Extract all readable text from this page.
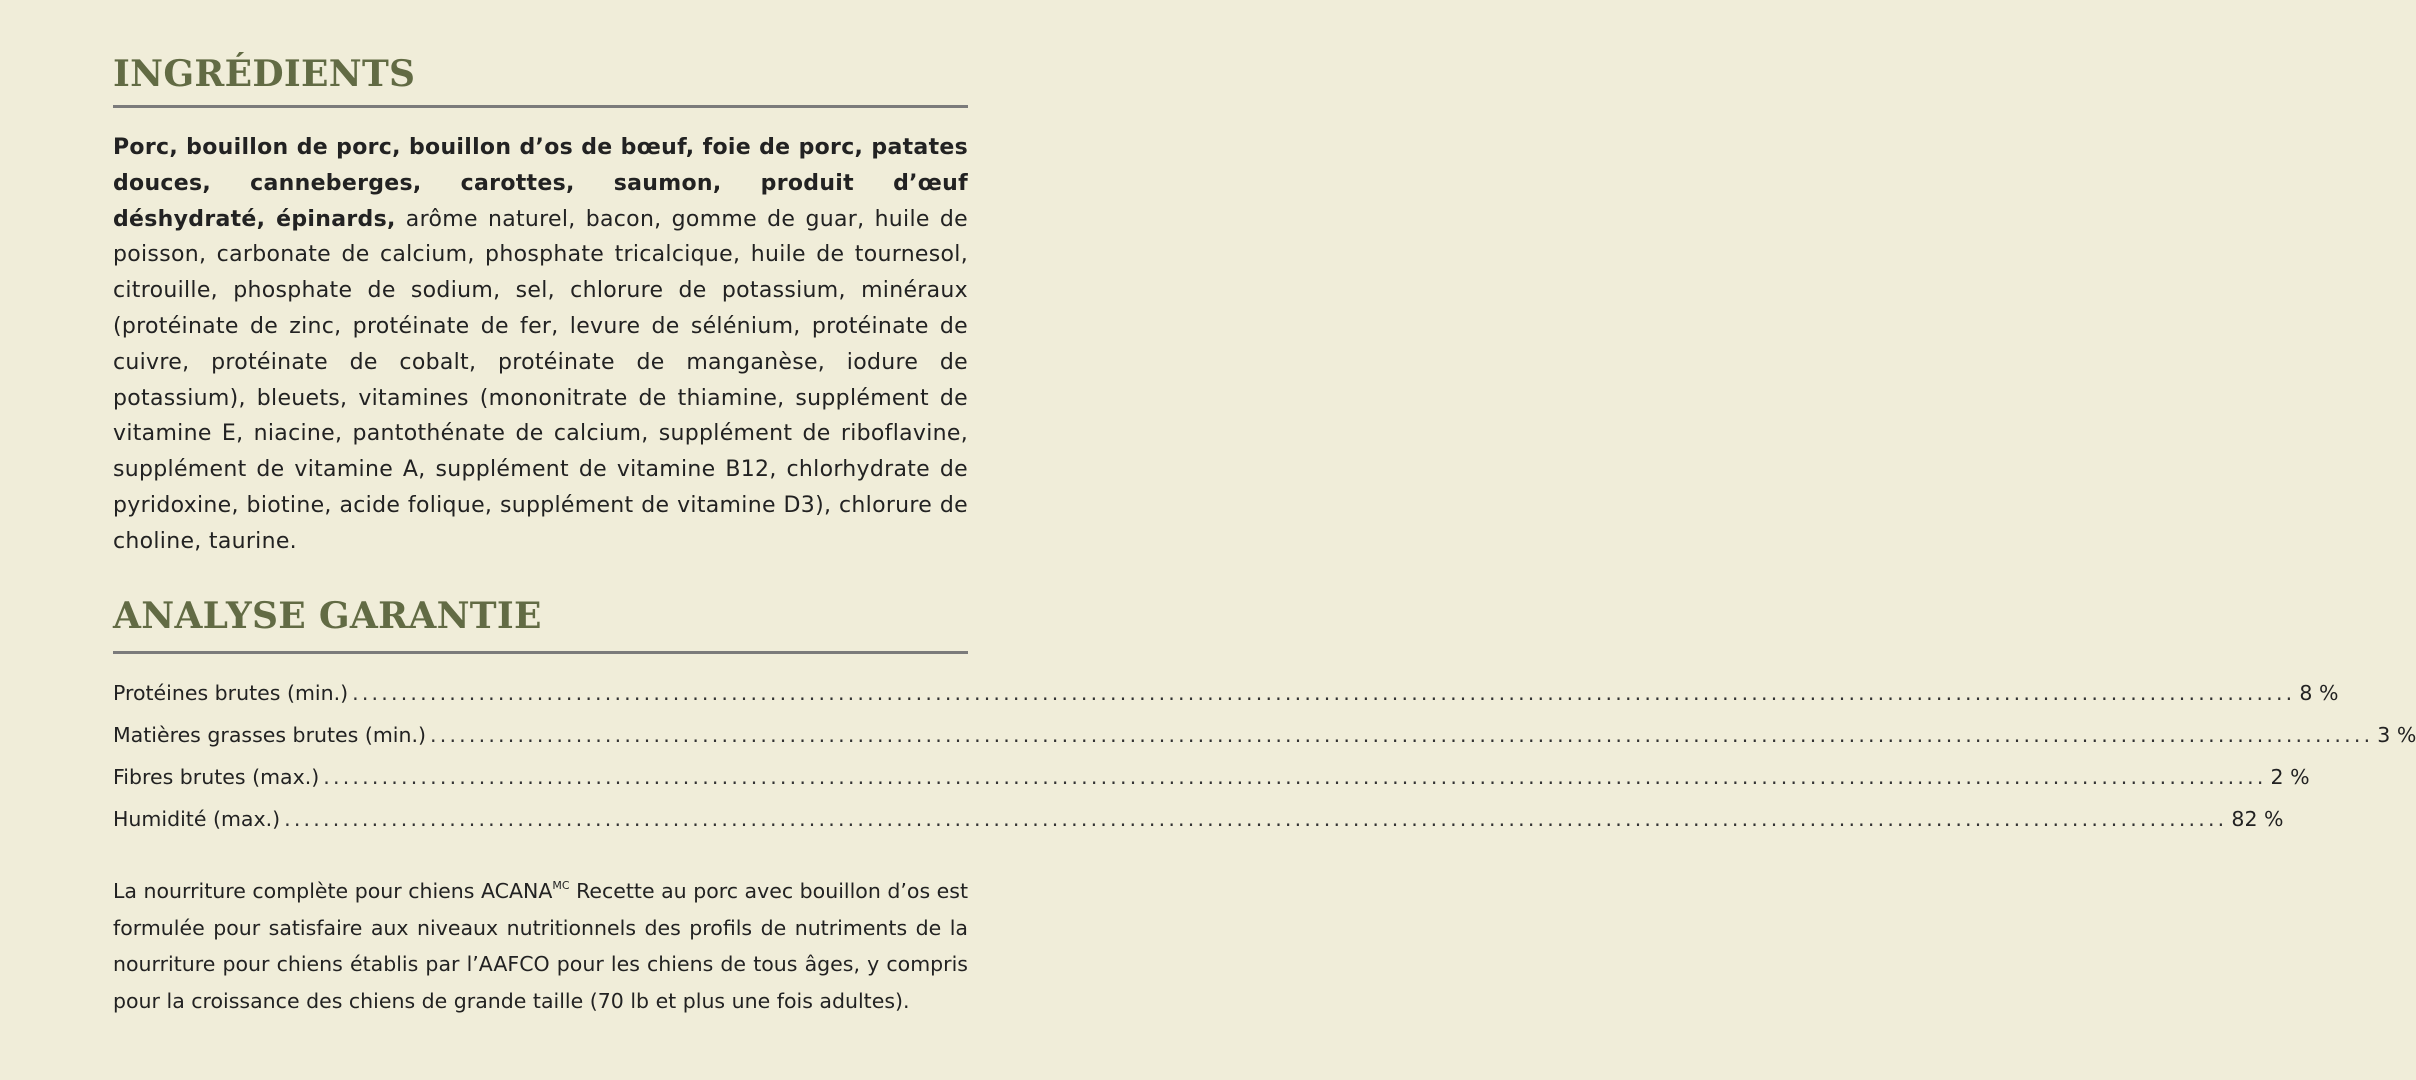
INGRÉDIENTS

Porc, bouillon de porc, bouillon d’os de bœuf, foie de porc, patates douces, canneberges, carottes, saumon, produit d’œuf déshydraté, épinards, arôme naturel, bacon, gomme de guar, huile de poisson, carbonate de calcium, phosphate tricalcique, huile de tournesol, citrouille, phosphate de sodium, sel, chlorure de potassium, minéraux (protéinate de zinc, protéinate de fer, levure de sélénium, protéinate de cuivre, protéinate de cobalt, protéinate de manganèse, iodure de potassium), bleuets, vitamines (mononitrate de thiamine, supplément de vitamine E, niacine, pantothénate de calcium, supplément de riboflavine, supplément de vitamine A, supplément de vitamine B12, chlorhydrate de pyridoxine, biotine, acide folique, supplément de vitamine D3), chlorure de choline, taurine.

ANALYSE GARANTIE
Protéines brutes (min.) ........................................................................................................................................................................................................ 8 %
Matières grasses brutes (min.) ........................................................................................................................................................................................................ 3 %
Fibres brutes (max.) ........................................................................................................................................................................................................ 2 %
Humidité (max.) ........................................................................................................................................................................................................ 82 %

La nourriture complète pour chiens $ACANA^{MC}$ Recette au porc avec bouillon d’os est formulée pour satisfaire aux niveaux nutritionnels des profils de nutriments de la nourriture pour chiens établis par l’AAFCO pour les chiens de tous âges, y compris pour la croissance des chiens de grande taille (70 lb et plus une fois adultes).
